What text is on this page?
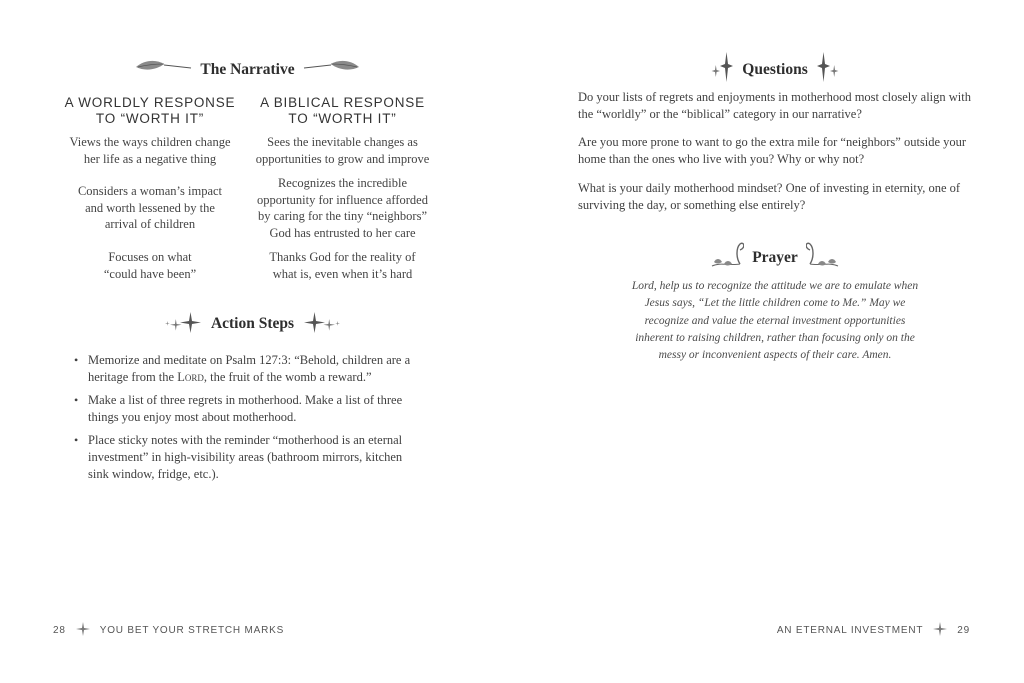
The Narrative
A WORLDLY RESPONSE
TO “WORTH IT”
A BIBLICAL RESPONSE
TO “WORTH IT”
Views the ways children change
her life as a negative thing
Considers a woman’s impact
and worth lessened by the
arrival of children
Focuses on what
“could have been”
Sees the inevitable changes as
opportunities to grow and improve
Recognizes the incredible
opportunity for influence afforded
by caring for the tiny “neighbors”
God has entrusted to her care
Thanks God for the reality of
what is, even when it’s hard
Action Steps
• Memorize and meditate on Psalm 127:3: “Behold, children are a heritage from the Lord, the fruit of the womb a reward.”
• Make a list of three regrets in motherhood. Make a list of three things you enjoy most about motherhood.
• Place sticky notes with the reminder “motherhood is an eternal investment” in high-visibility areas (bathroom mirrors, kitchen sink window, fridge, etc.).
28	YOU BET YOUR STRETCH MARKS
Questions
Do your lists of regrets and enjoyments in motherhood most closely align with the “worldly” or the “biblical” category in our narrative?
Are you more prone to want to go the extra mile for “neighbors” outside your home than the ones who live with you? Why or why not?
What is your daily motherhood mindset? One of investing in eternity, one of surviving the day, or something else entirely?
Prayer
Lord, help us to recognize the attitude we are to emulate when Jesus says, “Let the little children come to Me.” May we recognize and value the eternal investment opportunities inherent to raising children, rather than focusing only on the messy or inconvenient aspects of their care. Amen.
AN ETERNAL INVESTMENT	29
